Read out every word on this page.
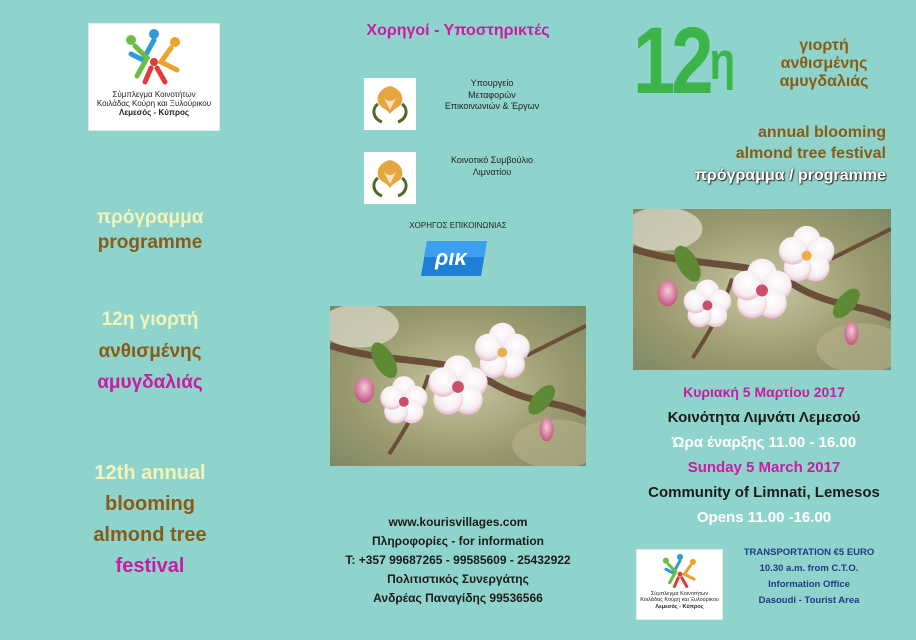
Σύμπλεγμα Κοινοτήτων
Κοιλάδας Κούρη και Ξυλούρικου
Λεμεσός - Κύπρος
πρόγραμμα
programme
12η γιορτή
ανθισμένης
αμυγδαλιάς
12th annual
blooming
almond tree
festival
Χορηγοί - Υποστηρικτές
Υπουργείο
Μεταφορών
Επικοινωνιών & Έργων
Κοινοτικό Συμβούλιο
Λιμνατίου
ΧΟΡΗΓΟΣ ΕΠΙΚΟΙΝΩΝΙΑΣ
ρικ
www.kourisvillages.com
Πληροφορίες - for information
T: +357 99687265 - 99585609 - 25432922
Πολιτιστικός Συνεργάτης
Ανδρέας Παναγίδης 99536566
$12^\eta$	γιορτή
ανθισμένης
αμυγδαλιάς
annual blooming
almond tree festival
πρόγραμμα / programme
Κυριακή 5 Μαρτίου 2017
Κοινότητα Λιμνάτι Λεμεσού
Ώρα έναρξης 11.00 - 16.00
Sunday 5 March 2017
Community of Limnati, Lemesos
Opens 11.00 -16.00
Σύμπλεγμα Κοινοτήτων
Κοιλάδας Κούρη και Ξυλούρικου
Λεμεσός - Κύπρος
TRANSPORTATION €5 EURO
10.30 a.m. from C.T.O.
Information Office
Dasoudi - Tourist Area
